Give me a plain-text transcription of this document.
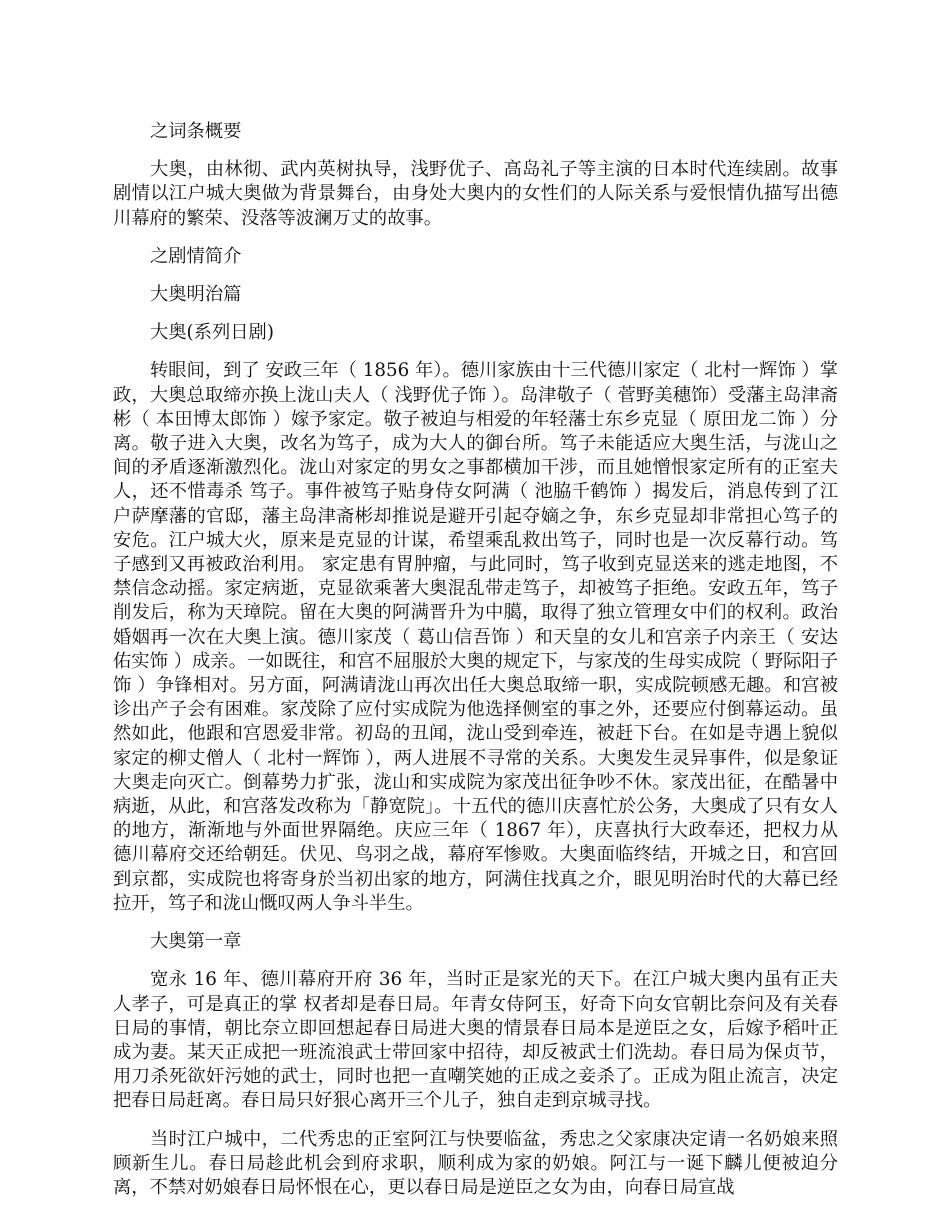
之词条概要

大奥，由林彻、武内英树执导，浅野优子、高岛礼子等主演的日本时代连续剧。故事剧情以江户城大奥做为背景舞台，由身处大奥内的女性们的人际关系与爱恨情仇描写出德川幕府的繁荣、没落等波澜万丈的故事。

之剧情简介

大奥明治篇

大奥(系列日剧)

转眼间，到了 安政三年（ 1856 年）。德川家族由十三代德川家定（ 北村一辉饰 ）掌政，大奥总取缔亦换上泷山夫人（ 浅野优子饰 ）。岛津敬子（ 菅野美穗饰）受藩主岛津斋彬（ 本田博太郎饰 ）嫁予家定。敬子被迫与相爱的年轻藩士东乡克显（ 原田龙二饰 ）分离。敬子进入大奥，改名为笃子，成为大人的御台所。笃子未能适应大奥生活，与泷山之间的矛盾逐渐激烈化。泷山对家定的男女之事都横加干涉，而且她憎恨家定所有的正室夫人，还不惜毒杀 笃子。事件被笃子贴身侍女阿满（ 池脇千鹤饰 ）揭发后，消息传到了江户萨摩藩的官邸，藩主岛津斋彬却推说是避开引起夺嫡之争，东乡克显却非常担心笃子的安危。江户城大火，原来是克显的计谋，希望乘乱救出笃子，同时也是一次反幕行动。笃子感到又再被政治利用。 家定患有胃肿瘤，与此同时，笃子收到克显送来的逃走地图，不禁信念动摇。家定病逝，克显欲乘著大奥混乱带走笃子，却被笃子拒绝。安政五年，笃子削发后，称为天璋院。留在大奥的阿满晋升为中臈，取得了独立管理女中们的权利。政治婚姻再一次在大奥上演。德川家茂（ 葛山信吾饰 ）和天皇的女儿和宫亲子内亲王（ 安达佑实饰 ）成亲。一如既往，和宫不屈服於大奥的规定下，与家茂的生母实成院（ 野际阳子饰 ）争锋相对。另方面，阿满请泷山再次出任大奥总取缔一职，实成院顿感无趣。和宫被诊出产子会有困难。家茂除了应付实成院为他选择侧室的事之外，还要应付倒幕运动。虽然如此，他跟和宫恩爱非常。初岛的丑闻，泷山受到牵连，被赶下台。在如是寺遇上貌似家定的柳丈僧人（ 北村一辉饰 ），两人进展不寻常的关系。大奥发生灵异事件，似是象证大奥走向灭亡。倒幕势力扩张，泷山和实成院为家茂出征争吵不休。家茂出征，在酷暑中病逝，从此，和宫落发改称为「静宽院」。十五代的德川庆喜忙於公务，大奥成了只有女人的地方，渐渐地与外面世界隔绝。庆应三年（ 1867 年），庆喜执行大政奉还，把权力从德川幕府交还给朝廷。伏见、鸟羽之战，幕府军惨败。大奥面临终结，开城之日，和宫回到京都，实成院也将寄身於当初出家的地方，阿满住找真之介，眼见明治时代的大幕已经拉开，笃子和泷山慨叹两人争斗半生。

大奥第一章

宽永 16 年、德川幕府开府 36 年，当时正是家光的天下。在江户城大奥内虽有正夫人孝子，可是真正的掌 权者却是春日局。年青女侍阿玉，好奇下向女官朝比奈问及有关春日局的事情，朝比奈立即回想起春日局进大奥的情景春日局本是逆臣之女，后嫁予稻叶正成为妻。某天正成把一班流浪武士带回家中招待，却反被武士们洗劫。春日局为保贞节，用刀杀死欲奸污她的武士，同时也把一直嘲笑她的正成之妾杀了。正成为阻止流言，决定把春日局赶离。春日局只好狠心离开三个儿子，独自走到京城寻找。

当时江户城中，二代秀忠的正室阿江与快要临盆，秀忠之父家康决定请一名奶娘来照顾新生儿。春日局趁此机会到府求职，顺利成为家的奶娘。阿江与一诞下麟儿便被迫分离，不禁对奶娘春日局怀恨在心，更以春日局是逆臣之女为由，向春日局宣战
